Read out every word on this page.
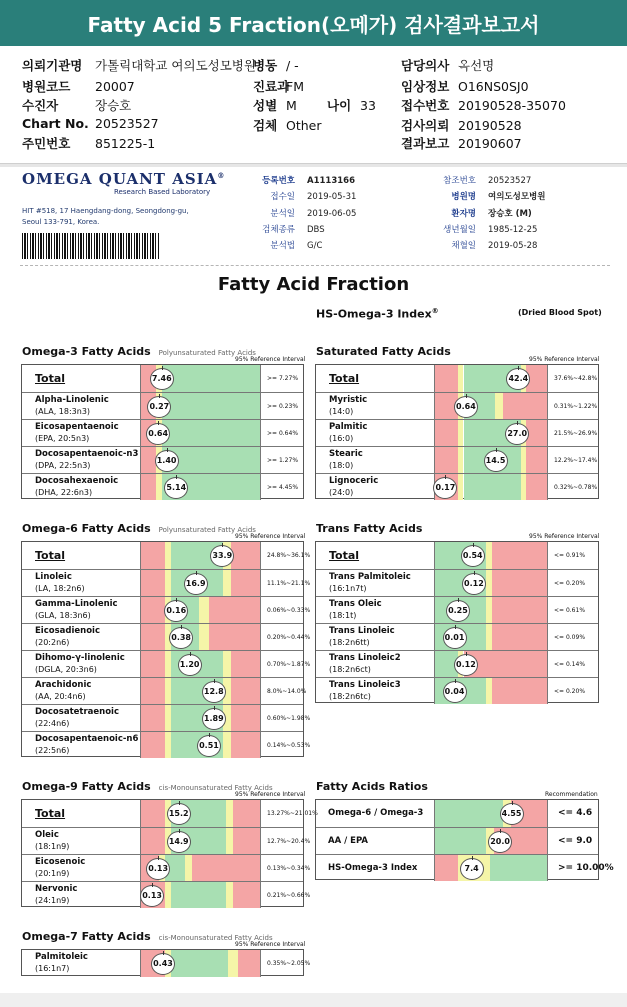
Fatty Acid 5 Fraction(오메가) 검사결과보고서
의뢰기관명 가톨릭대학교 여의도성모병원
병원코드 20007
수진자	장승호
Chart No. 20523527
주민번호 851225-1
병동 / -
진료과FM
성별 M 나이 33
검체 Other
담당의사 옥선명
임상정보 O16NS0SJ0
접수번호 20190528-35070
검사의뢰 20190528
결과보고 20190607
OMEGA QUANT ASIA®
Research Based Laboratory
HIT #518, 17 Haengdang-dong, Seongdong-gu,
Seoul 133-791, Korea.
등록번호 A1113166
접수일 2019-05-31
분석일 2019-06-05
검체종류 DBS
분석법 G/C
참조번호 20523527
병원명 여의도성모병원
환자명 장승호 (M)
생년월일 1985-12-25
채혈일 2019-05-28
Fatty Acid Fraction
HS-Omega-3 Index®	(Dried Blood Spot)
Omega-3 Fatty Acids Polyunsaturated Fatty Acids
95% Reference Interval
Total	7.46	>= 7.27%
Alpha-Linolenic
(ALA, 18:3n3)
0.27	>= 0.23%
Eicosapentaenoic
(EPA, 20:5n3)
0.64	>= 0.64%
Docosapentaenoic-n3
(DPA, 22:5n3)
1.40	>= 1.27%
Docosahexaenoic
(DHA, 22:6n3)
5.14	>= 4.45%
Saturated Fatty Acids
95% Reference Interval
Total	42.4	37.6%~42.8%
Myristic
(14:0)
0.64	0.31%~1.22%
Palmitic
(16:0)
27.0	21.5%~26.9%
Stearic
(18:0)
14.5	12.2%~17.4%
Lignoceric
(24:0)
0.17	0.32%~0.78%
Omega-6 Fatty Acids Polyunsaturated Fatty Acids
95% Reference Interval
Total	33.9	24.8%~36.1%
Linoleic
(LA, 18:2n6)
16.9	11.1%~21.1%
Gamma-Linolenic
(GLA, 18:3n6)
0.16	0.06%~0.33%
Eicosadienoic
(20:2n6)
0.38	0.20%~0.44%
Dihomo-γ-linolenic
(DGLA, 20:3n6)
1.20	0.70%~1.87%
Arachidonic
(AA, 20:4n6)
12.8	8.0%~14.0%
Docosatetraenoic
(22:4n6)
1.89	0.60%~1.98%
Docosapentaenoic-n6
(22:5n6)
0.51	0.14%~0.53%
Trans Fatty Acids
95% Reference Interval
Total	0.54	<= 0.91%
Trans Palmitoleic
(16:1n7t)
0.12	<= 0.20%
Trans Oleic
(18:1t)
0.25	<= 0.61%
Trans Linoleic
(18:2n6tt)
0.01	<= 0.09%
Trans Linoleic2
(18:2n6ct)
0.12	<= 0.14%
Trans Linoleic3
(18:2n6tc)
0.04	<= 0.20%
Omega-9 Fatty Acids cis-Monounsaturated Fatty Acids
95% Reference Interval
Total	15.2	13.27%~21.01%
Oleic
(18:1n9)
14.9	12.7%~20.4%
Eicosenoic
(20:1n9)
0.13	0.13%~0.34%
Nervonic
(24:1n9)
0.13	0.21%~0.66%
Fatty Acids Ratios
Recommendation
Omega-6 / Omega-3	4.55	<= 4.6
AA / EPA	20.0	<= 9.0
HS-Omega-3 Index	7.4	>= 10.00%
Omega-7 Fatty Acids cis-Monounsaturated Fatty Acids
95% Reference Interval
Palmitoleic
(16:1n7)
0.43	0.35%~2.05%
